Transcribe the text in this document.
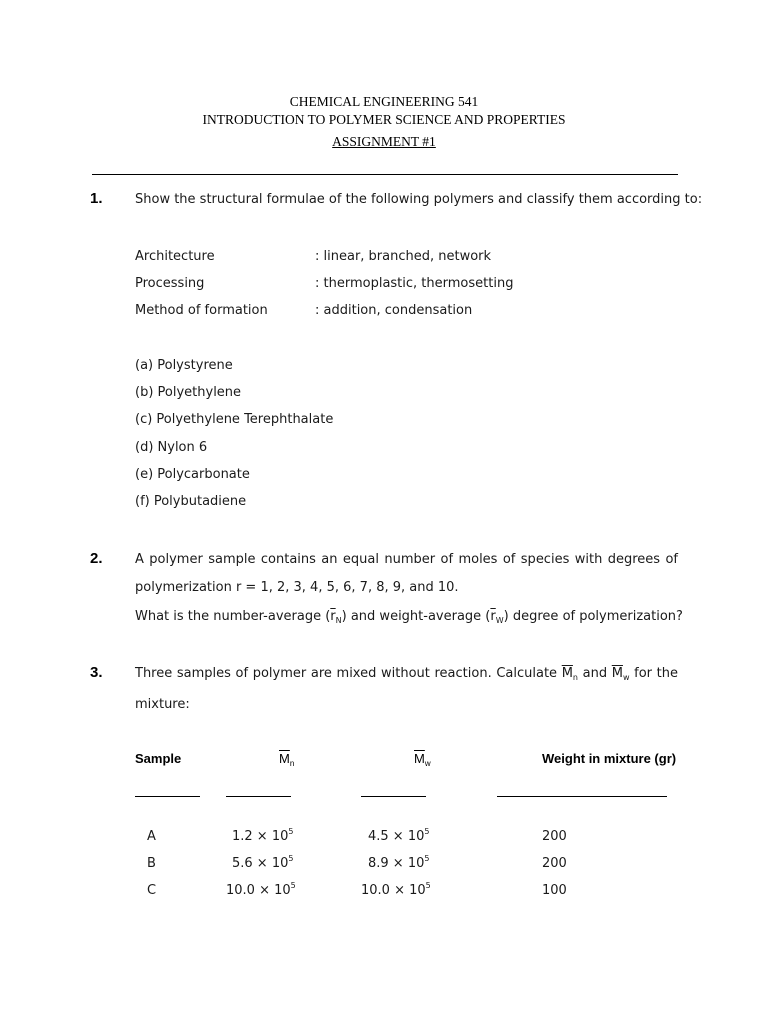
CHEMICAL ENGINEERING 541
INTRODUCTION TO POLYMER SCIENCE AND PROPERTIES
ASSIGNMENT #1
1. Show the structural formulae of the following polymers and classify them according to:
Architecture	: linear, branched, network
Processing	: thermoplastic, thermosetting
Method of formation	: addition, condensation
(a) Polystyrene
(b) Polyethylene
(c) Polyethylene Terephthalate
(d) Nylon 6
(e) Polycarbonate
(f) Polybutadiene
2. A polymer sample contains an equal number of moles of species with degrees of
polymerization r = 1, 2, 3, 4, 5, 6, 7, 8, 9, and 10.
What is the number-average $(\overline{r}_N)$ and weight-average $(\overline{r}_W)$ degree of polymerization?
3. Three samples of polymer are mixed without reaction. Calculate $\overline{M}_n$ and $\overline{M}_w$ for the
mixture:
Sample	$\overline{M}_n$	$\overline{M}_w$	Weight in mixture (gr)
A	$1.2 \times 10^5$	$4.5 \times 10^5$	200
B	$5.6 \times 10^5$	$8.9 \times 10^5$	200
C	$10.0 \times 10^5$	$10.0 \times 10^5$	100
